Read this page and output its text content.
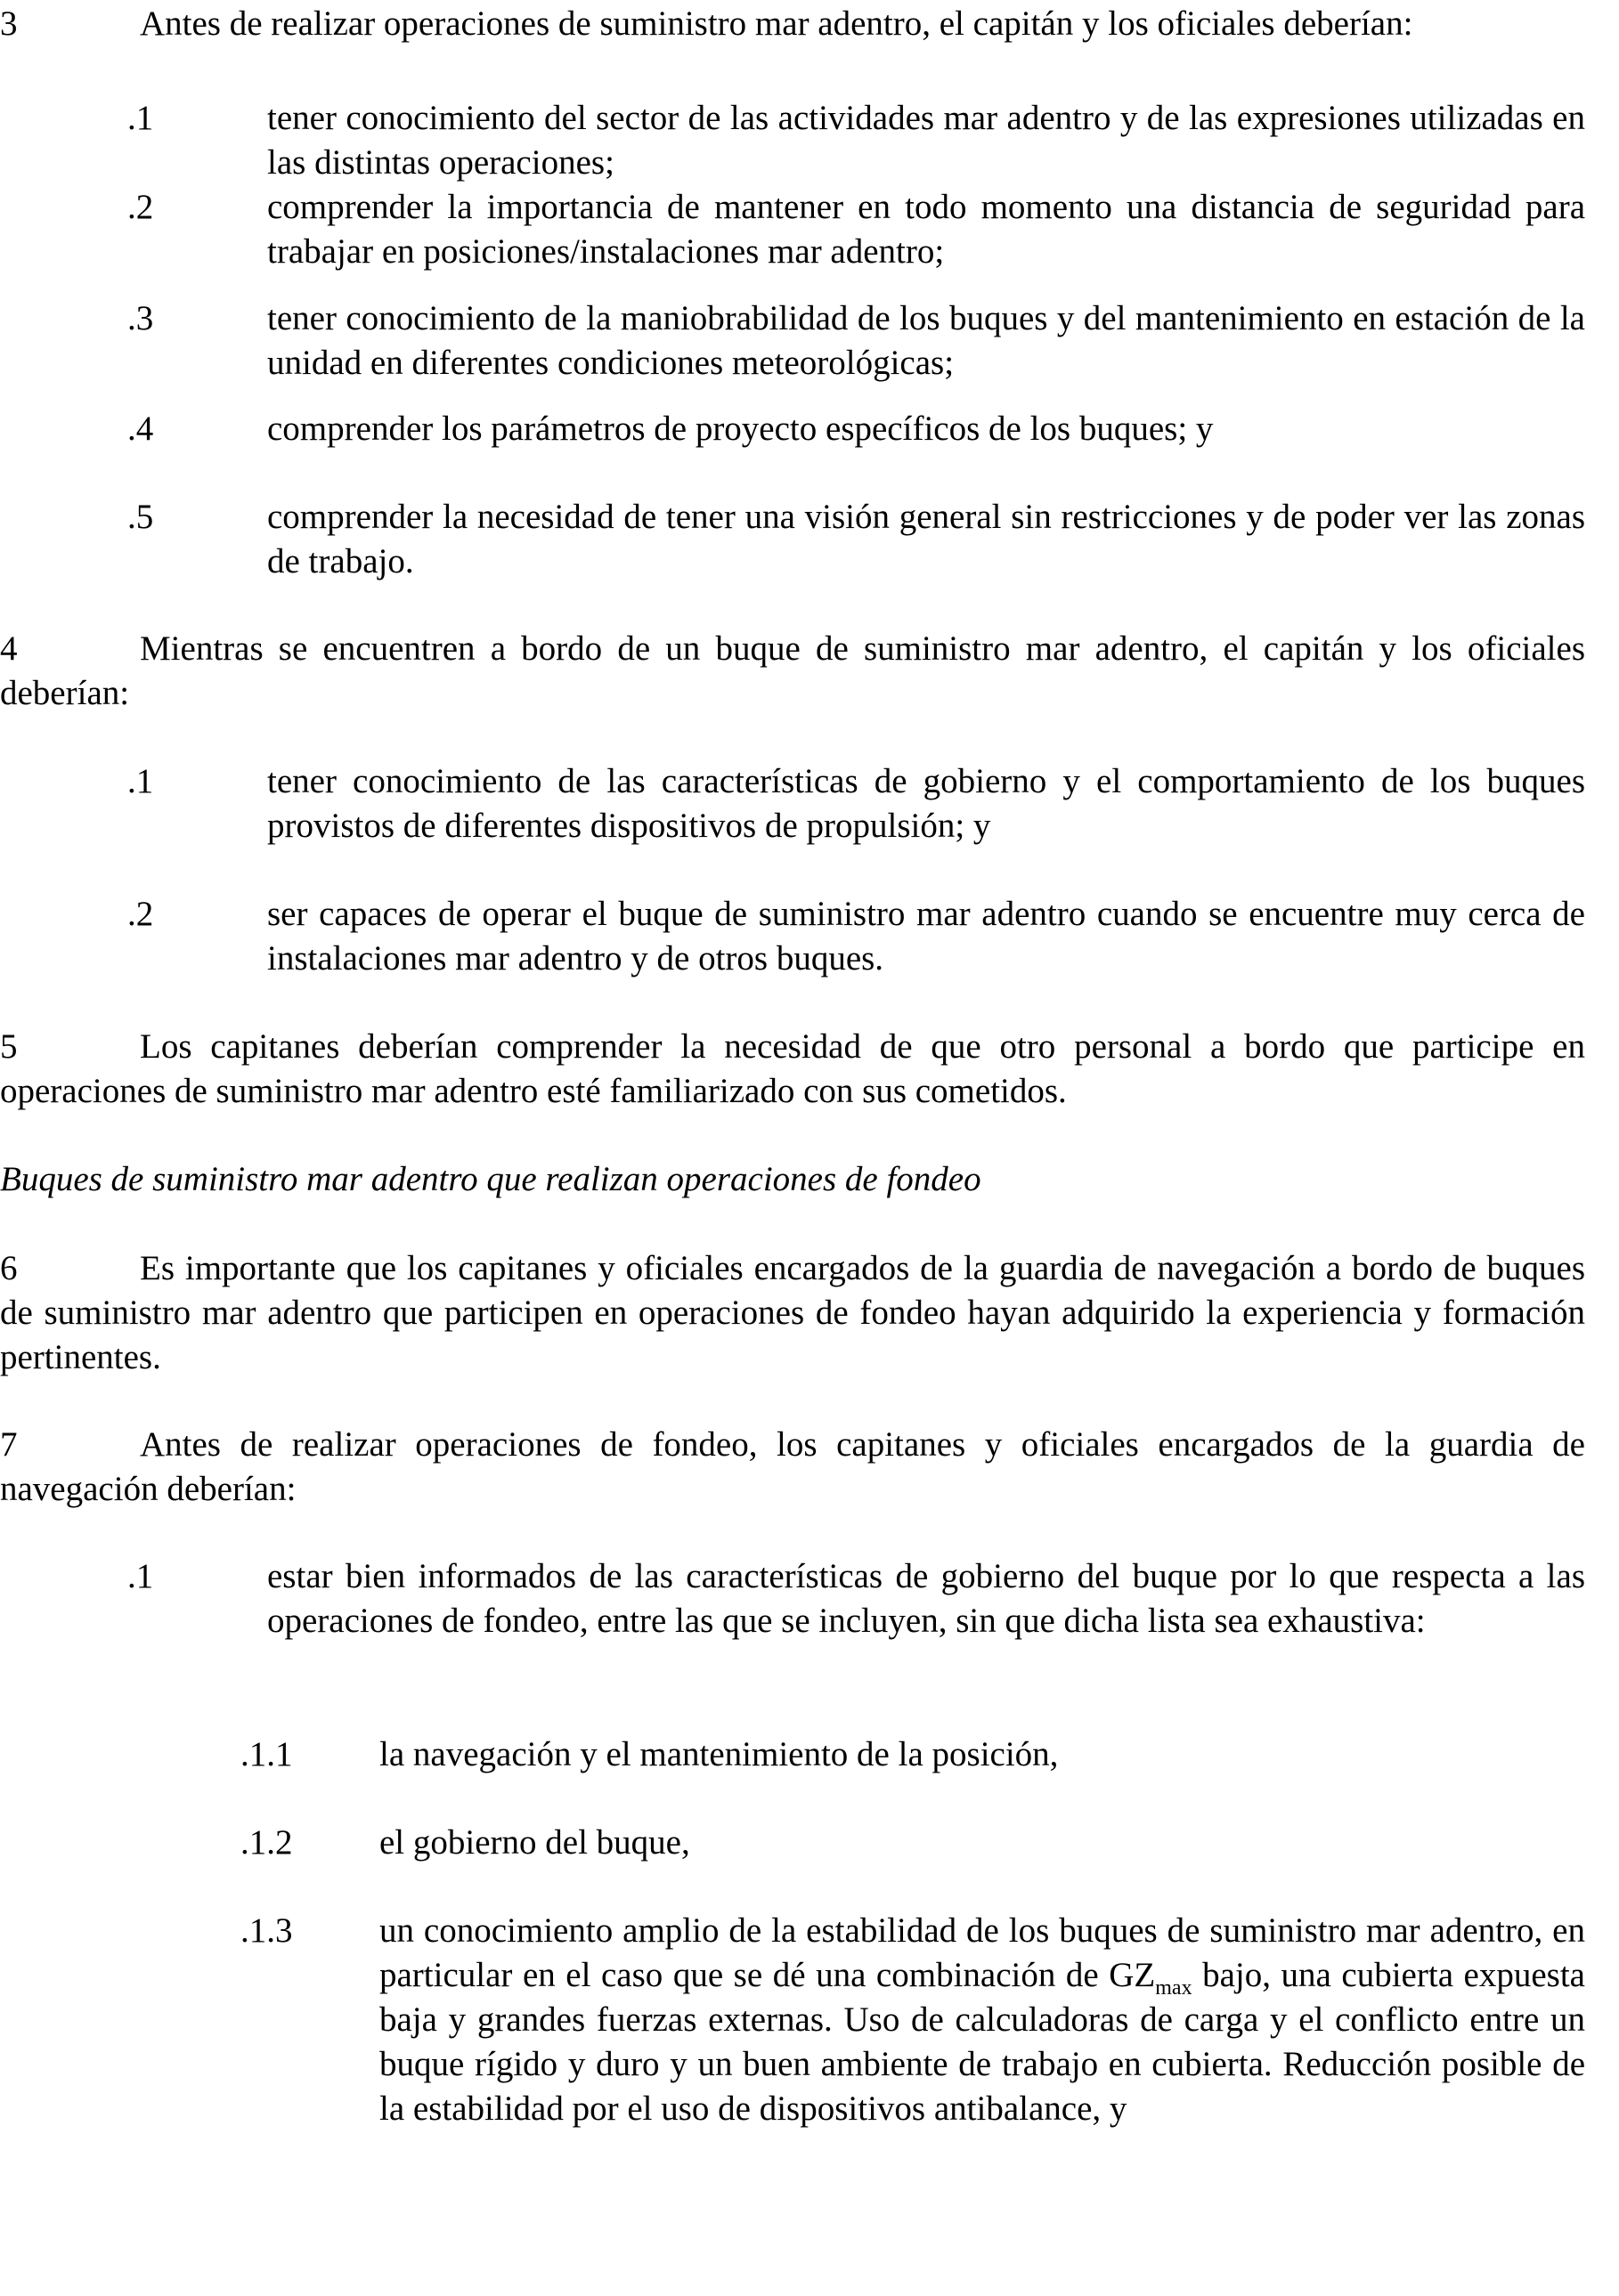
3	Antes de realizar operaciones de suministro mar adentro, el capitán y los oficiales deberían:
.1	tener conocimiento del sector de las actividades mar adentro y de las expresiones utilizadas en las distintas operaciones;
.2	comprender la importancia de mantener en todo momento una distancia de seguridad para trabajar en posiciones/instalaciones mar adentro;
.3	tener conocimiento de la maniobrabilidad de los buques y del mantenimiento en estación de la unidad en diferentes condiciones meteorológicas;
.4	comprender los parámetros de proyecto específicos de los buques; y
.5	comprender la necesidad de tener una visión general sin restricciones y de poder ver las zonas de trabajo.
4	Mientras se encuentren a bordo de un buque de suministro mar adentro, el capitán y los oficiales deberían:
.1	tener conocimiento de las características de gobierno y el comportamiento de los buques provistos de diferentes dispositivos de propulsión; y
.2	ser capaces de operar el buque de suministro mar adentro cuando se encuentre muy cerca de instalaciones mar adentro y de otros buques.
5	Los capitanes deberían comprender la necesidad de que otro personal a bordo que participe en operaciones de suministro mar adentro esté familiarizado con sus cometidos.
Buques de suministro mar adentro que realizan operaciones de fondeo
6	Es importante que los capitanes y oficiales encargados de la guardia de navegación a bordo de buques de suministro mar adentro que participen en operaciones de fondeo hayan adquirido la experiencia y formación pertinentes.
7	Antes de realizar operaciones de fondeo, los capitanes y oficiales encargados de la guardia de navegación deberían:
.1	estar bien informados de las características de gobierno del buque por lo que respecta a las operaciones de fondeo, entre las que se incluyen, sin que dicha lista sea exhaustiva:
.1.1	la navegación y el mantenimiento de la posición,
.1.2	el gobierno del buque,
.1.3	un conocimiento amplio de la estabilidad de los buques de suministro mar adentro, en particular en el caso que se dé una combinación de $GZ_{max}$ bajo, una cubierta expuesta baja y grandes fuerzas externas. Uso de calculadoras de carga y el conflicto entre un buque rígido y duro y un buen ambiente de trabajo en cubierta. Reducción posible de la estabilidad por el uso de dispositivos antibalance, y
